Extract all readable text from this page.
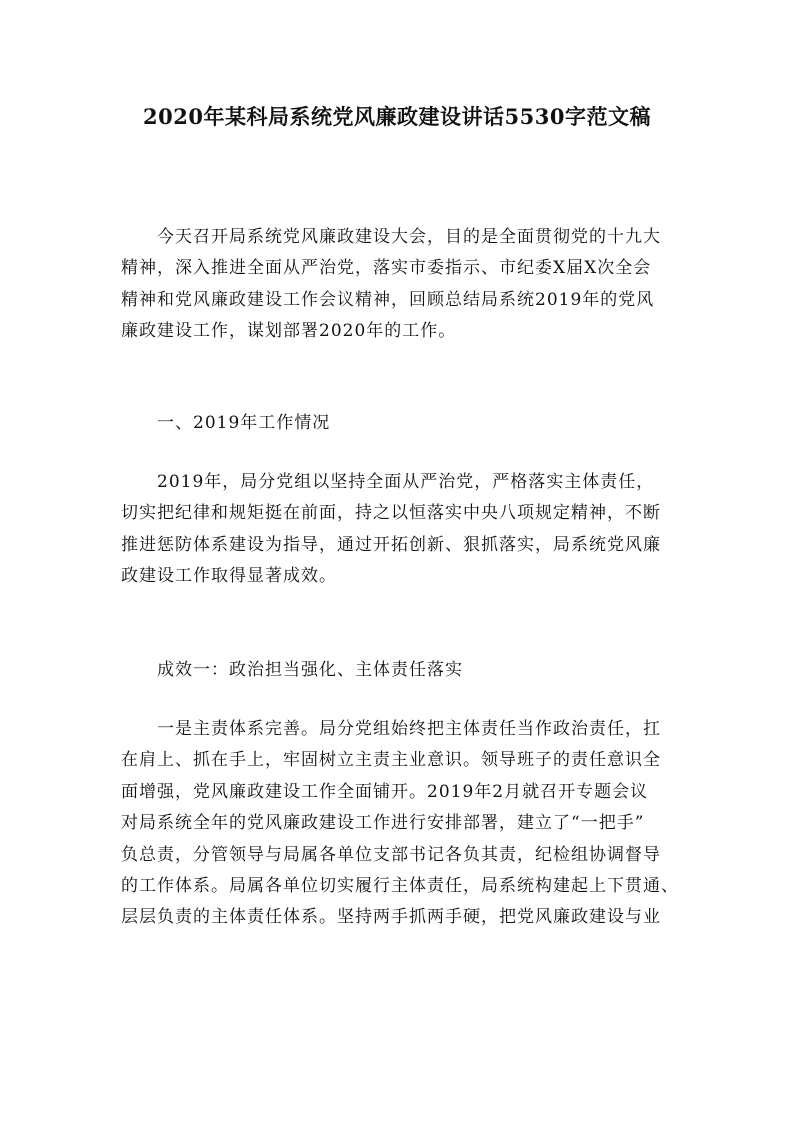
2020年某科局系统党风廉政建设讲话5530字范文稿
今天召开局系统党风廉政建设大会，目的是全面贯彻党的十九大
精神，深入推进全面从严治党，落实市委指示、市纪委X届X次全会
精神和党风廉政建设工作会议精神，回顾总结局系统2019年的党风
廉政建设工作，谋划部署2020年的工作。
一、2019年工作情况
2019年，局分党组以坚持全面从严治党，严格落实主体责任，
切实把纪律和规矩挺在前面，持之以恒落实中央八项规定精神，不断
推进惩防体系建设为指导，通过开拓创新、狠抓落实，局系统党风廉
政建设工作取得显著成效。
成效一：政治担当强化、主体责任落实
一是主责体系完善。局分党组始终把主体责任当作政治责任，扛
在肩上、抓在手上，牢固树立主责主业意识。领导班子的责任意识全
面增强，党风廉政建设工作全面铺开。2019年2月就召开专题会议
对局系统全年的党风廉政建设工作进行安排部署，建立了“一把手”
负总责，分管领导与局属各单位支部书记各负其责，纪检组协调督导
的工作体系。局属各单位切实履行主体责任，局系统构建起上下贯通、
层层负责的主体责任体系。坚持两手抓两手硬，把党风廉政建设与业
